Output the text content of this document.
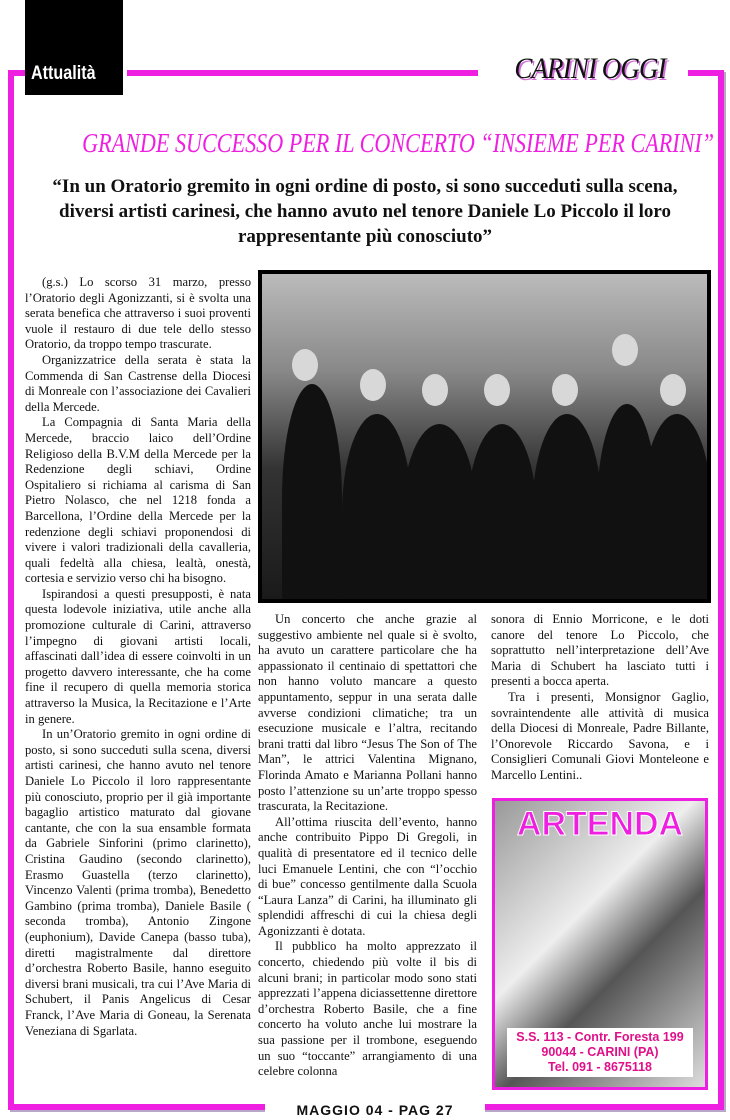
Attualità	CARINI OGGI
GRANDE SUCCESSO PER IL CONCERTO “INSIEME PER CARINI”
“In un Oratorio gremito in ogni ordine di posto, si sono succeduti sulla scena, diversi artisti carinesi, che hanno avuto nel tenore Daniele Lo Piccolo il loro rappresentante più conosciuto”

(g.s.) Lo scorso 31 marzo, presso l’Oratorio degli Agonizzanti, si è svolta una serata benefica che attraverso i suoi proventi vuole il restauro di due tele dello stesso Oratorio, da troppo tempo trascurate.

Organizzatrice della serata è stata la Commenda di San Castrense della Diocesi di Monreale con l’associazione dei Cavalieri della Mercede.

La Compagnia di Santa Maria della Mercede, braccio laico dell’Ordine Religioso della B.V.M della Mercede per la Redenzione degli schiavi, Ordine Ospitaliero si richiama al carisma di San Pietro Nolasco, che nel 1218 fonda a Barcellona, l’Ordine della Mercede per la redenzione degli schiavi proponendosi di vivere i valori tradizionali della cavalleria, quali fedeltà alla chiesa, lealtà, onestà, cortesia e servizio verso chi ha bisogno.

Ispirandosi a questi presupposti, è nata questa lodevole iniziativa, utile anche alla promozione culturale di Carini, attraverso l’impegno di giovani artisti locali, affascinati dall’idea di essere coinvolti in un progetto davvero interessante, che ha come fine il recupero di quella memoria storica attraverso la Musica, la Recitazione e l’Arte in genere.

In un’Oratorio gremito in ogni ordine di posto, si sono succeduti sulla scena, diversi artisti carinesi, che hanno avuto nel tenore Daniele Lo Piccolo il loro rappresentante più conosciuto, proprio per il già importante bagaglio artistico maturato dal giovane cantante, che con la sua ensamble formata da Gabriele Sinforini (primo clarinetto), Cristina Gaudino (secondo clarinetto), Erasmo Guastella (terzo clarinetto), Vincenzo Valenti (prima tromba), Benedetto Gambino (prima tromba), Daniele Basile ( seconda tromba), Antonio Zingone (euphonium), Davide Canepa (basso tuba), diretti magistralmente dal direttore d’orchestra Roberto Basile, hanno eseguito diversi brani musicali, tra cui l’Ave Maria di Schubert, il Panis Angelicus di Cesar Franck, l’Ave Maria di Goneau, la Serenata Veneziana di Sgarlata.

Un concerto che anche grazie al suggestivo ambiente nel quale si è svolto, ha avuto un carattere particolare che ha appassionato il centinaio di spettattori che non hanno voluto mancare a questo appuntamento, seppur in una serata dalle avverse condizioni climatiche; tra un esecuzione musicale e l’altra, recitando brani tratti dal libro “Jesus The Son of The Man”, le attrici Valentina Mignano, Florinda Amato e Marianna Pollani hanno posto l’attenzione su un’arte troppo spesso trascurata, la Recitazione.

All’ottima riuscita dell’evento, hanno anche contribuito Pippo Di Gregoli, in qualità di presentatore ed il tecnico delle luci Emanuele Lentini, che con “l’occhio di bue” concesso gentilmente dalla Scuola “Laura Lanza” di Carini, ha illuminato gli splendidi affreschi di cui la chiesa degli Agonizzanti è dotata.

Il pubblico ha molto apprezzato il concerto, chiedendo più volte il bis di alcuni brani; in particolar modo sono stati apprezzati l’appena diciassettenne direttore d’orchestra Roberto Basile, che a fine concerto ha voluto anche lui mostrare la sua passione per il trombone, eseguendo un suo “toccante” arrangiamento di una celebre colonna

sonora di Ennio Morricone, e le doti canore del tenore Lo Piccolo, che soprattutto nell’interpretazione dell’Ave Maria di Schubert ha lasciato tutti i presenti a bocca aperta.

Tra i presenti, Monsignor Gaglio, sovraintendente alle attività di musica della Diocesi di Monreale, Padre Billante, l’Onorevole Riccardo Savona, e i Consiglieri Comunali Giovi Monteleone e Marcello Lentini..

ARTENDA
S.S. 113 - Contr. Foresta 199
90044 - CARINI (PA)
Tel. 091 - 8675118
MAGGIO 04 - PAG 27
